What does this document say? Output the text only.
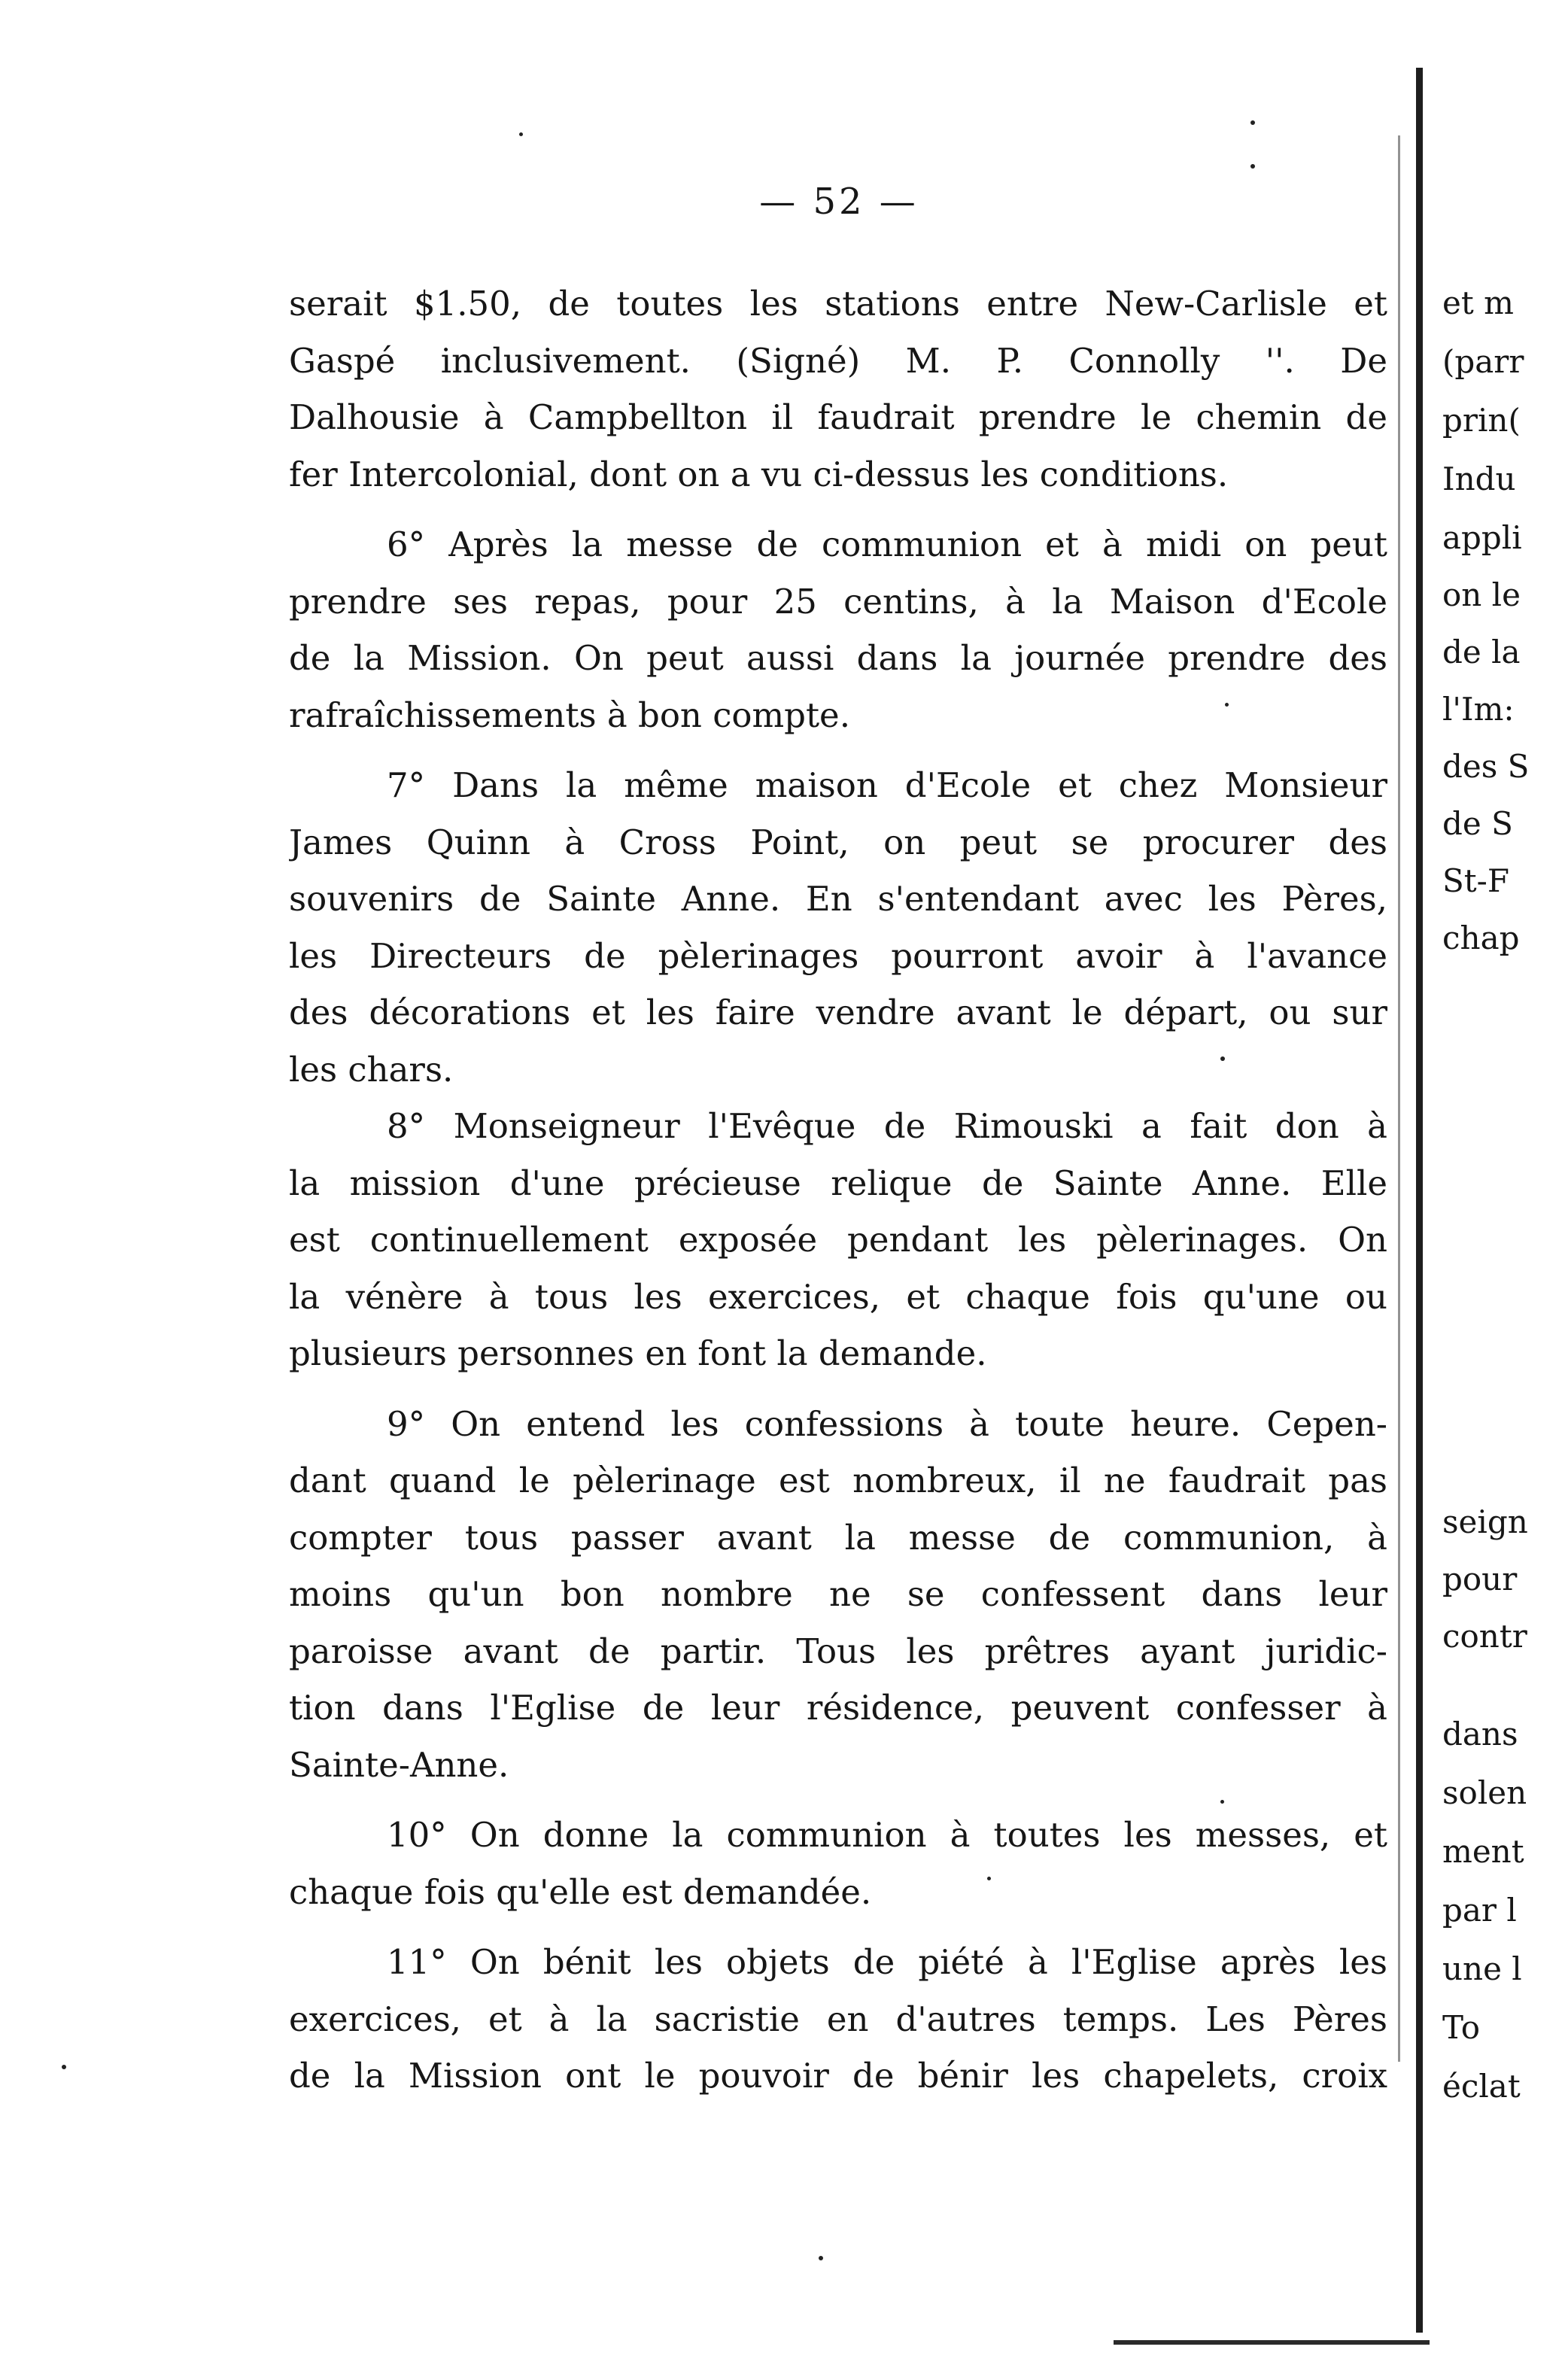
— 52 —
serait $1.50, de toutes les stations entre New-Carlisle et
Gaspé inclusivement. (Signé) M. P. Connolly ''. De
Dalhousie à Campbellton il faudrait prendre le chemin de
fer Intercolonial, dont on a vu ci-dessus les conditions.
6° Après la messe de communion et à midi on peut
prendre ses repas, pour 25 centins, à la Maison d'Ecole
de la Mission. On peut aussi dans la journée prendre des
rafraîchissements à bon compte.
7° Dans la même maison d'Ecole et chez Monsieur
James Quinn à Cross Point, on peut se procurer des
souvenirs de Sainte Anne. En s'entendant avec les Pères,
les Directeurs de pèlerinages pourront avoir à l'avance
des décorations et les faire vendre avant le départ, ou sur
les chars.
8° Monseigneur l'Evêque de Rimouski a fait don à
la mission d'une précieuse relique de Sainte Anne. Elle
est continuellement exposée pendant les pèlerinages. On
la vénère à tous les exercices, et chaque fois qu'une ou
plusieurs personnes en font la demande.
9° On entend les confessions à toute heure. Cepen-
dant quand le pèlerinage est nombreux, il ne faudrait pas
compter tous passer avant la messe de communion, à
moins qu'un bon nombre ne se confessent dans leur
paroisse avant de partir. Tous les prêtres ayant juridic-
tion dans l'Eglise de leur résidence, peuvent confesser à
Sainte-Anne.
10° On donne la communion à toutes les messes, et
chaque fois qu'elle est demandée.
11° On bénit les objets de piété à l'Eglise après les
exercices, et à la sacristie en d'autres temps. Les Pères
de la Mission ont le pouvoir de bénir les chapelets, croix
et m
(parr
prin(
Indu
appli
on le
de la
l'Im:
des S
de S
St-F
chap
seign
pour
contr
dans
solen
ment
par l
une l
To
éclat
